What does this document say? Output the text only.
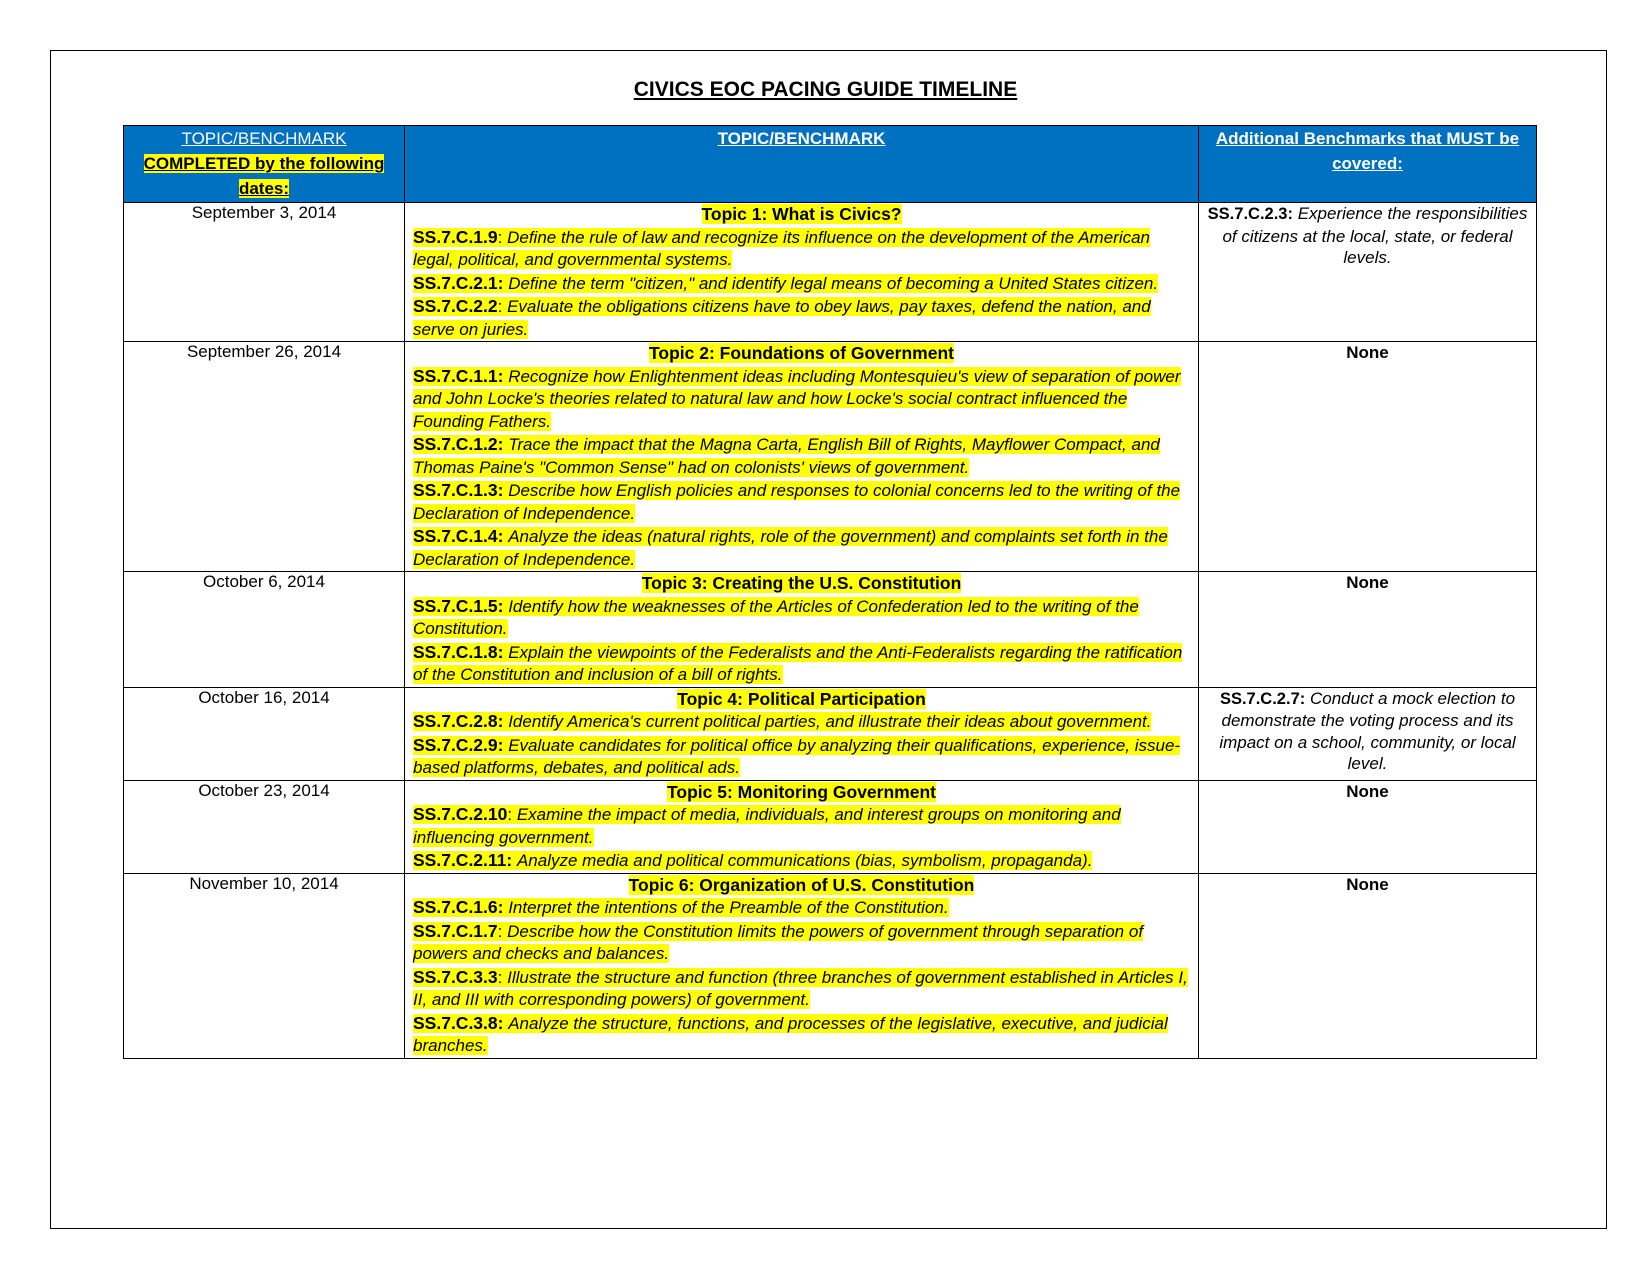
CIVICS EOC PACING GUIDE TIMELINE
TOPIC/BENCHMARK
COMPLETED by the following dates:	TOPIC/BENCHMARK	Additional Benchmarks that MUST be covered:
September 3, 2014	Topic 1: What is Civics?
SS.7.C.1.9: Define the rule of law and recognize its influence on the development of the American legal, political, and governmental systems.
SS.7.C.2.1: Define the term "citizen," and identify legal means of becoming a United States citizen.
SS.7.C.2.2: Evaluate the obligations citizens have to obey laws, pay taxes, defend the nation, and serve on juries.	SS.7.C.2.3: Experience the responsibilities of citizens at the local, state, or federal levels.
September 26, 2014	Topic 2: Foundations of Government
SS.7.C.1.1: Recognize how Enlightenment ideas including Montesquieu's view of separation of power and John Locke's theories related to natural law and how Locke's social contract influenced the Founding Fathers.
SS.7.C.1.2: Trace the impact that the Magna Carta, English Bill of Rights, Mayflower Compact, and Thomas Paine's "Common Sense" had on colonists' views of government.
SS.7.C.1.3: Describe how English policies and responses to colonial concerns led to the writing of the Declaration of Independence.
SS.7.C.1.4: Analyze the ideas (natural rights, role of the government) and complaints set forth in the Declaration of Independence.	None
October 6, 2014	Topic 3: Creating the U.S. Constitution
SS.7.C.1.5: Identify how the weaknesses of the Articles of Confederation led to the writing of the Constitution.
SS.7.C.1.8: Explain the viewpoints of the Federalists and the Anti-Federalists regarding the ratification of the Constitution and inclusion of a bill of rights.	None
October 16, 2014	Topic 4: Political Participation
SS.7.C.2.8: Identify America's current political parties, and illustrate their ideas about government.
SS.7.C.2.9: Evaluate candidates for political office by analyzing their qualifications, experience, issue-based platforms, debates, and political ads.	SS.7.C.2.7: Conduct a mock election to demonstrate the voting process and its impact on a school, community, or local level.
October 23, 2014	Topic 5: Monitoring Government
SS.7.C.2.10: Examine the impact of media, individuals, and interest groups on monitoring and influencing government.
SS.7.C.2.11: Analyze media and political communications (bias, symbolism, propaganda).	None
November 10, 2014	Topic 6: Organization of U.S. Constitution
SS.7.C.1.6: Interpret the intentions of the Preamble of the Constitution.
SS.7.C.1.7: Describe how the Constitution limits the powers of government through separation of powers and checks and balances.
SS.7.C.3.3: Illustrate the structure and function (three branches of government established in Articles I, II, and III with corresponding powers) of government.
SS.7.C.3.8: Analyze the structure, functions, and processes of the legislative, executive, and judicial branches.	None
